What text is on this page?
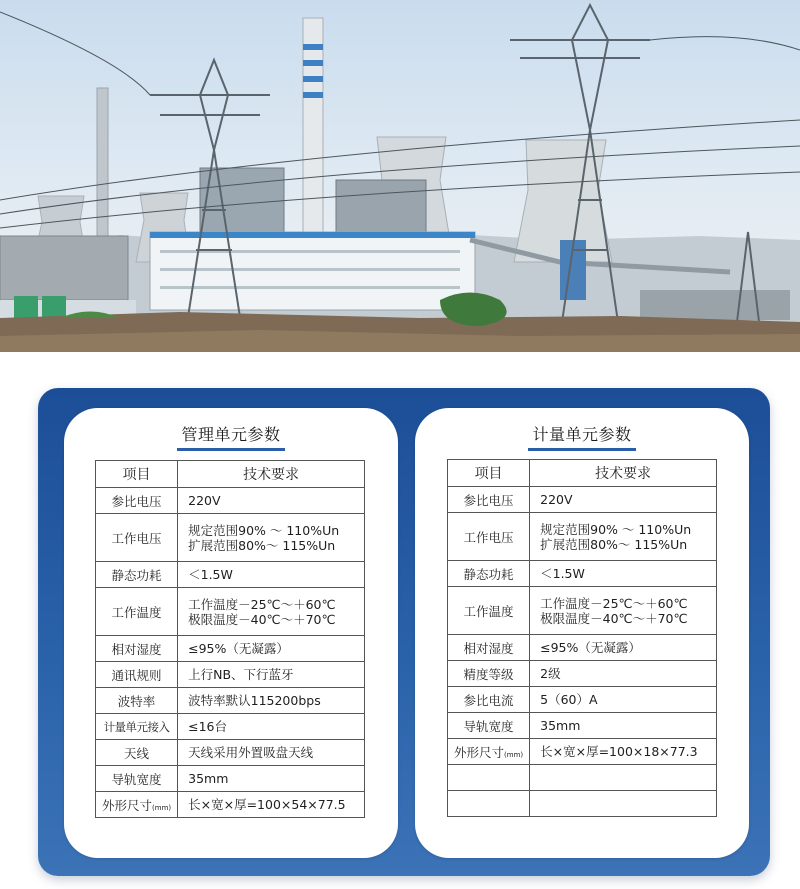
管理单元参数
项目	技术要求
参比电压	220V
工作电压	规定范围90% ～ 110%Un
扩展范围80%～ 115%Un

静态功耗	＜1.5W
工作温度	工作温度－25℃～＋60℃
极限温度－40℃～＋70℃

相对湿度	≤95%（无凝露）
通讯规则	上行NB、下行蓝牙
波特率	波特率默认115200bps
计量单元接入	≤16台
天线	天线采用外置吸盘天线
导轨宽度	35mm
外形尺寸(mm)	长×宽×厚=100×54×77.5
计量单元参数
项目	技术要求
参比电压	220V
工作电压	规定范围90% ～ 110%Un
扩展范围80%～ 115%Un

静态功耗	＜1.5W
工作温度	工作温度－25℃～＋60℃
极限温度－40℃～＋70℃

相对湿度	≤95%（无凝露）
精度等级	2级
参比电流	5（60）A
导轨宽度	35mm
外形尺寸(mm)	长×宽×厚=100×18×77.3
